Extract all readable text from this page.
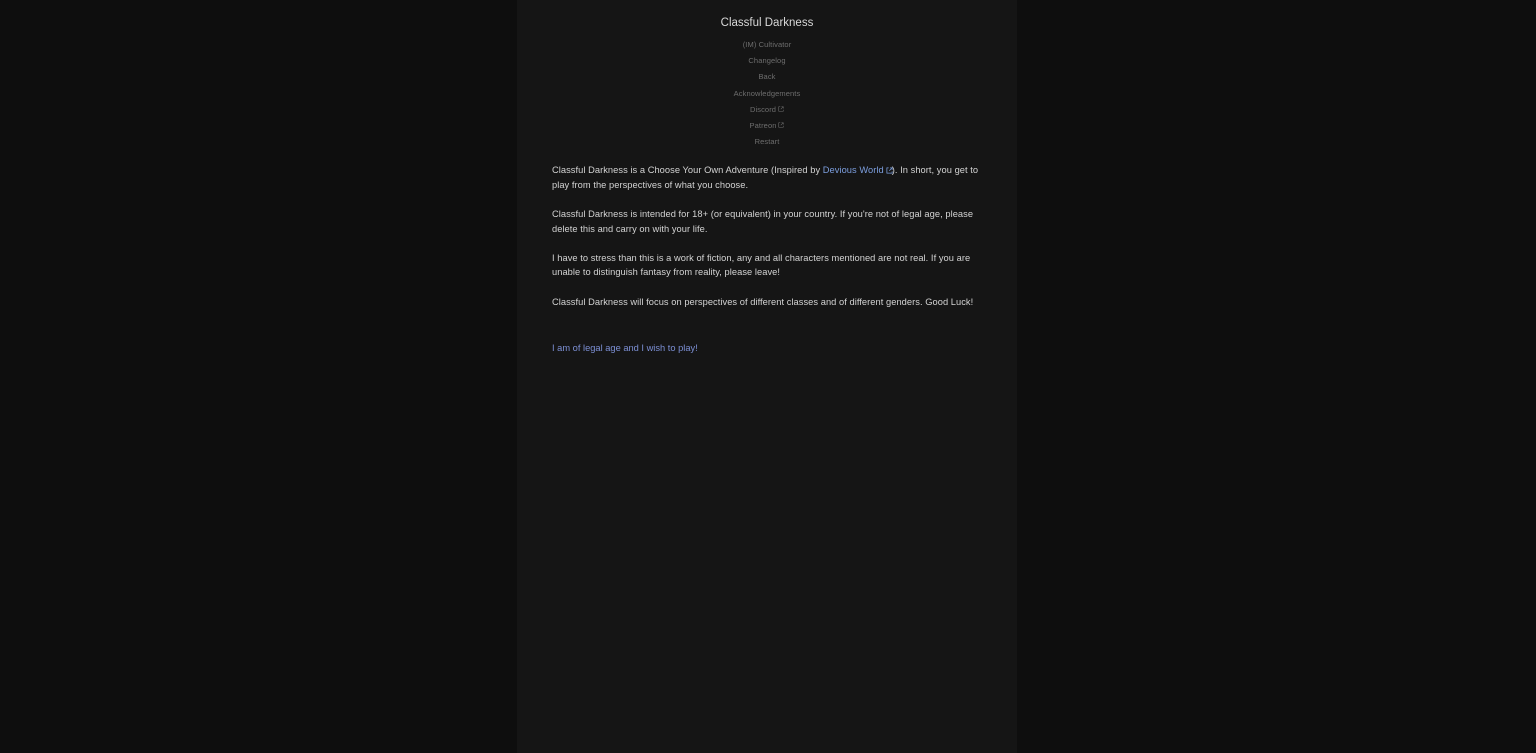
Classful Darkness
(IM) Cultivator
Changelog
Back
Acknowledgements
Discord
Patreon
Restart

Classful Darkness is a Choose Your Own Adventure (Inspired by Devious World ). In short, you get to play from the perspectives of what you choose.

Classful Darkness is intended for 18+ (or equivalent) in your country. If you're not of legal age, please delete this and carry on with your life.

I have to stress than this is a work of fiction, any and all characters mentioned are not real. If you are unable to distinguish fantasy from reality, please leave!

Classful Darkness will focus on perspectives of different classes and of different genders. Good Luck!

I am of legal age and I wish to play!
